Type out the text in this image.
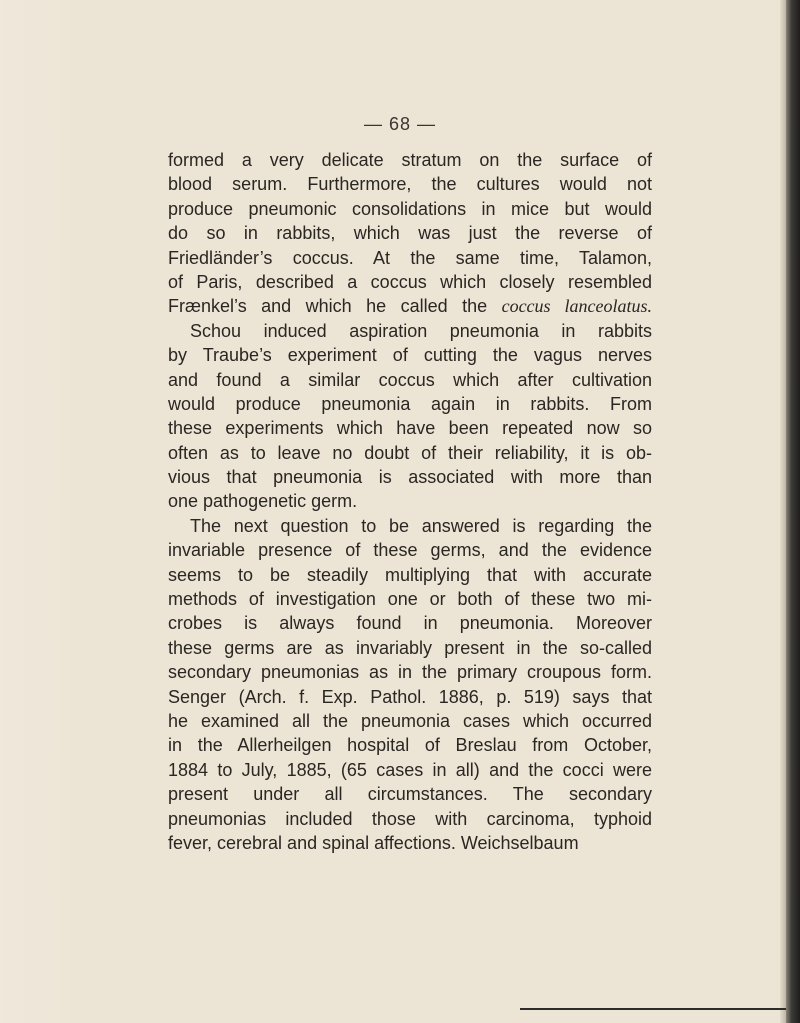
— 68 —
formed a very delicate stratum on the surface of
blood serum. Furthermore, the cultures would not
produce pneumonic consolidations in mice but would
do so in rabbits, which was just the reverse of
Friedländer’s coccus. At the same time, Talamon,
of Paris, described a coccus which closely resembled
Frænkel’s and which he called the coccus lanceolatus.
Schou induced aspiration pneumonia in rabbits
by Traube’s experiment of cutting the vagus nerves
and found a similar coccus which after cultivation
would produce pneumonia again in rabbits. From
these experiments which have been repeated now so
often as to leave no doubt of their reliability, it is ob-
vious that pneumonia is associated with more than
one pathogenetic germ.
The next question to be answered is regarding the
invariable presence of these germs, and the evidence
seems to be steadily multiplying that with accurate
methods of investigation one or both of these two mi-
crobes is always found in pneumonia. Moreover
these germs are as invariably present in the so-called
secondary pneumonias as in the primary croupous form.
Senger (Arch. f. Exp. Pathol. 1886, p. 519) says that
he examined all the pneumonia cases which occurred
in the Allerheilgen hospital of Breslau from October,
1884 to July, 1885, (65 cases in all) and the cocci were
present under all circumstances. The secondary
pneumonias included those with carcinoma, typhoid
fever, cerebral and spinal affections. Weichselbaum
